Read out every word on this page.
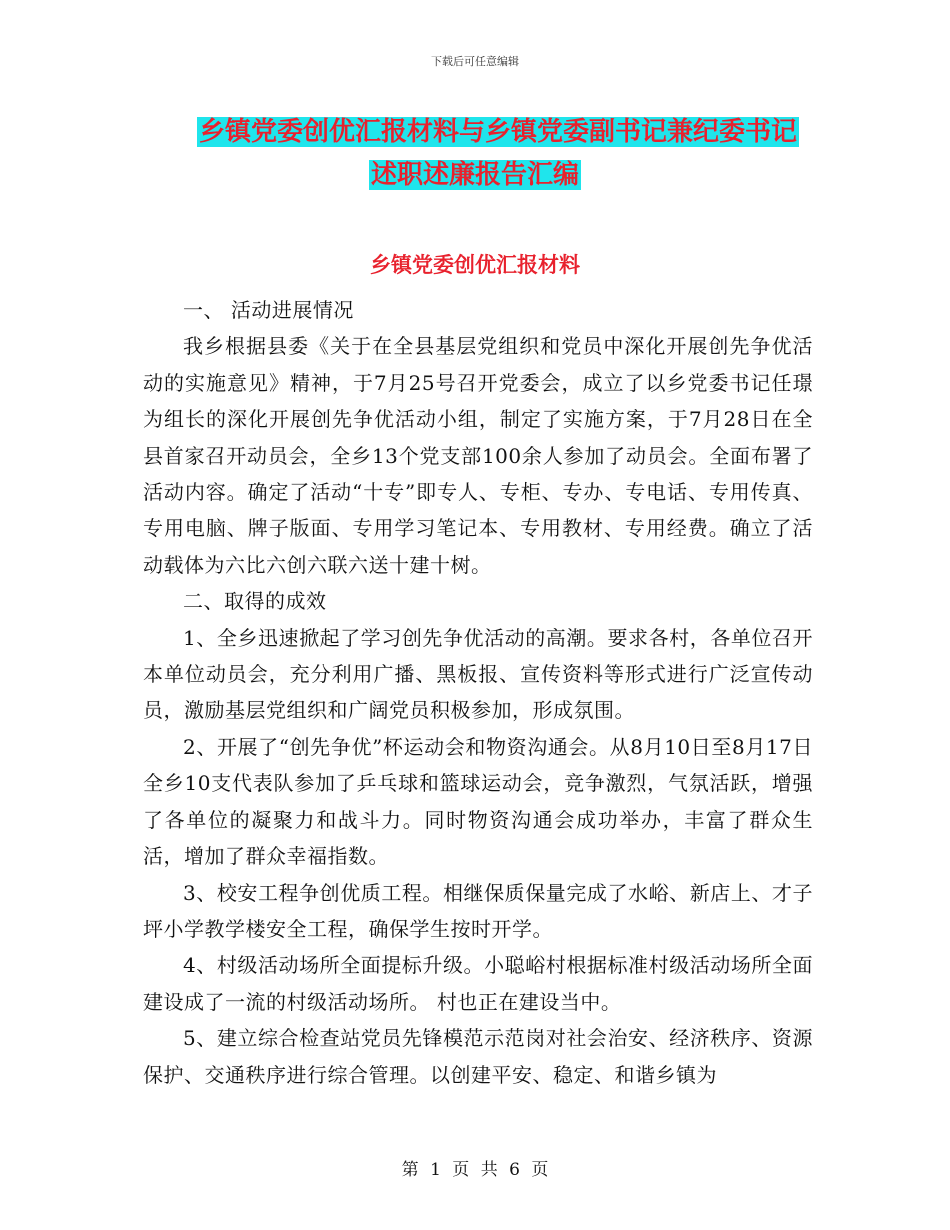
下载后可任意编辑
乡镇党委创优汇报材料与乡镇党委副书记兼纪委书记
述职述廉报告汇编
乡镇党委创优汇报材料

一、 活动进展情况

我乡根据县委《关于在全县基层党组织和党员中深化开展创先争优活动的实施意见》精神，于7月25号召开党委会，成立了以乡党委书记任璟为组长的深化开展创先争优活动小组，制定了实施方案，于7月28日在全县首家召开动员会，全乡13个党支部100余人参加了动员会。全面布署了活动内容。确定了活动“十专”即专人、专柜、专办、专电话、专用传真、专用电脑、牌子版面、专用学习笔记本、专用教材、专用经费。确立了活动载体为六比六创六联六送十建十树。

二、取得的成效

1、全乡迅速掀起了学习创先争优活动的高潮。要求各村，各单位召开本单位动员会，充分利用广播、黑板报、宣传资料等形式进行广泛宣传动员，激励基层党组织和广阔党员积极参加，形成氛围。

2、开展了“创先争优”杯运动会和物资沟通会。从8月10日至8月17日全乡10支代表队参加了乒乓球和篮球运动会，竞争激烈，气氛活跃，增强了各单位的凝聚力和战斗力。同时物资沟通会成功举办，丰富了群众生活，增加了群众幸福指数。

3、校安工程争创优质工程。相继保质保量完成了水峪、新店上、才子坪小学教学楼安全工程，确保学生按时开学。

4、村级活动场所全面提标升级。小聪峪村根据标准村级活动场所全面建设成了一流的村级活动场所。 村也正在建设当中。

5、建立综合检查站党员先锋模范示范岗对社会治安、经济秩序、资源保护、交通秩序进行综合管理。以创建平安、稳定、和谐乡镇为

第 1 页 共 6 页
